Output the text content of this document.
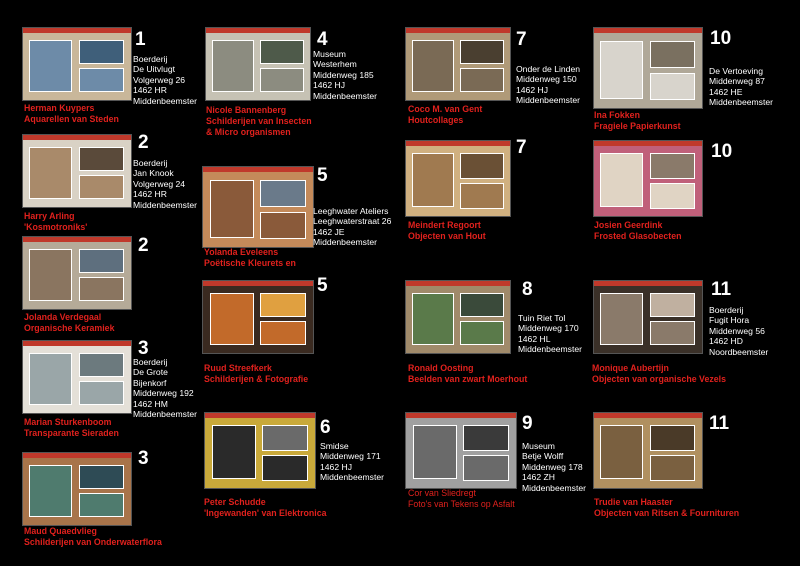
1
Boerderij
De Uitvlugt
Volgerweg 26
1462 HR
Middenbeemster
Herman Kuypers
Aquarellen van Steden
2
Boerderij
Jan Knook
Volgerweg 24
1462 HR
Middenbeemster
Harry Arling
'Kosmotroniks'
2
Jolanda Verdegaal
Organische Keramiek
3
Boerderij
De Grote
Bijenkorf
Middenweg 192
1462 HM
Middenbeemster
Marian Sturkenboom
Transparante Sieraden
3
Maud Quaedvlieg
Schilderijen van Onderwaterflora
4
Museum
Westerhem
Middenweg 185
1462 HJ
Middenbeemster
Nicole Bannenberg
Schilderijen van Insecten
& Micro organismen
5
Leeghwater Ateliers
Leeghwaterstraat 26
1462 JE
Middenbeemster
Yolanda Eveleens
Poëtische Kleurets en
5
Ruud Streefkerk
Schilderijen & Fotografie
6
Smidse
Middenweg 171
1462 HJ
Middenbeemster
Peter Schudde
'Ingewanden' van Elektronica
7
Onder de Linden
Middenweg 150
1462 HJ
Middenbeemster
Coco M. van Gent
Houtcollages
7
Meindert Regoort
Objecten van Hout
8
Tuin Riet Tol
Middenweg 170
1462 HL
Middenbeemster
Ronald Oosting
Beelden van zwart Moerhout
9
Museum
Betje Wolff
Middenweg 178
1462 ZH
Middenbeemster
Cor van Sliedregt
Foto's van Tekens op Asfalt
10
De Vertoeving
Middenweg 87
1462 HE
Middenbeemster
Ina Fokken
Fragiele Papierkunst
10
Josien Geerdink
Frosted Glasobecten
11
Boerderij
Fugit Hora
Middenweg 56
1462 HD
Noordbeemster
Monique Aubertijn
Objecten van organische Vezels
11
Trudie van Haaster
Objecten van Ritsen & Fournituren
